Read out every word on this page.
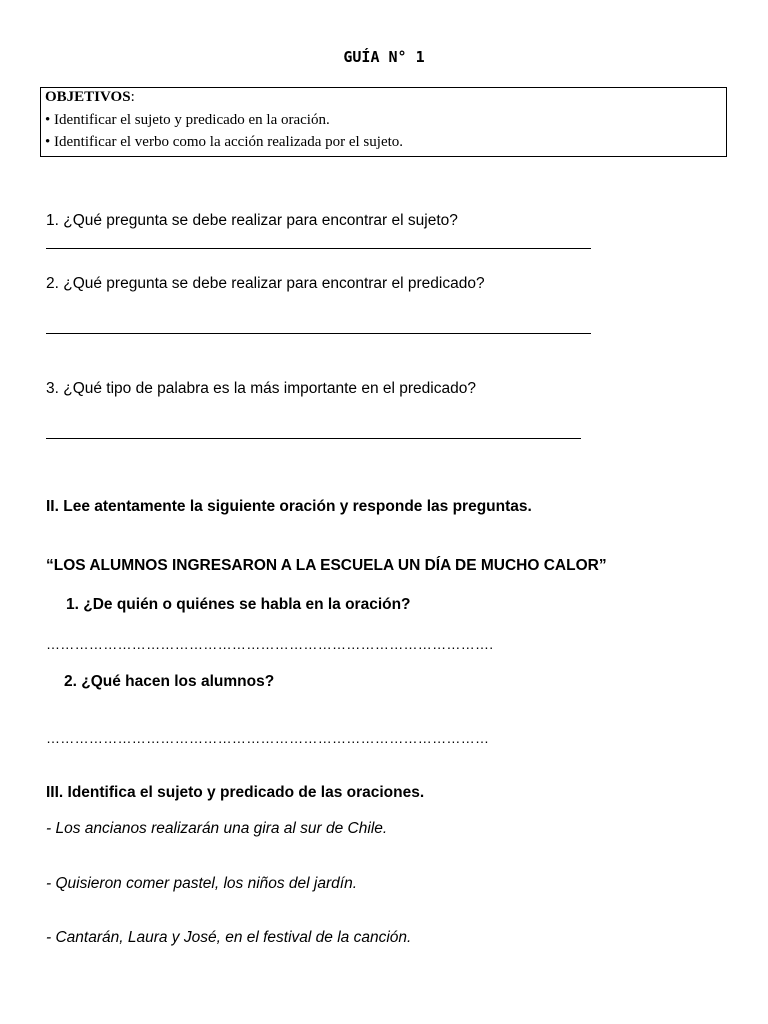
GUÍA N° 1
OBJETIVOS:
• Identificar el sujeto y predicado en la oración.
• Identificar el verbo como la acción realizada por el sujeto.
1. ¿Qué pregunta se debe realizar para encontrar el sujeto?
2. ¿Qué pregunta se debe realizar para encontrar el predicado?
3. ¿Qué tipo de palabra es la más importante en el predicado?
II. Lee atentamente la siguiente oración y responde las preguntas.
“LOS ALUMNOS INGRESARON A LA ESCUELA UN DÍA DE MUCHO CALOR”
1. ¿De quién o quiénes se habla en la oración?
………………………………………………………………………………….
2. ¿Qué hacen los alumnos?
…………………………………………………………………………………
III. Identifica el sujeto y predicado de las oraciones.
- Los ancianos realizarán una gira al sur de Chile.
- Quisieron comer pastel, los niños del jardín.
- Cantarán, Laura y José, en el festival de la canción.
